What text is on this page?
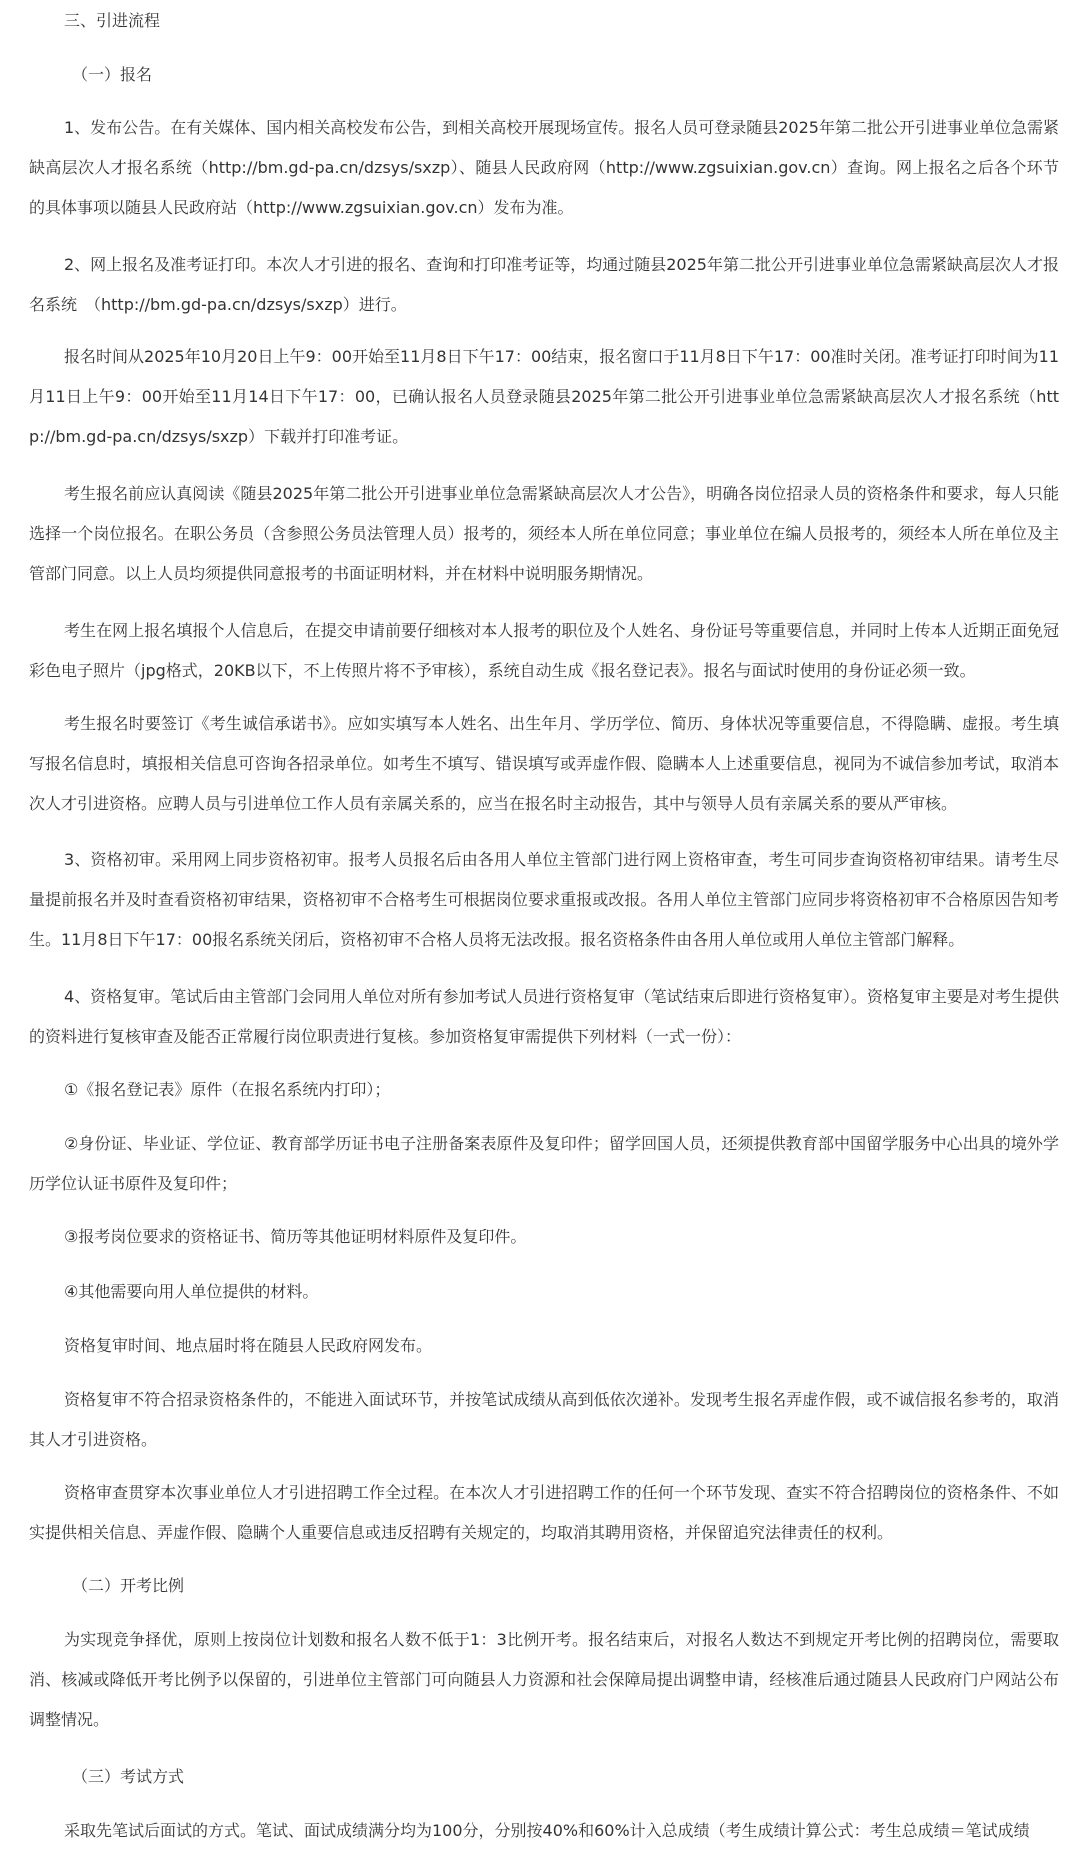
三、引进流程

（一）报名

1、发布公告。在有关媒体、国内相关高校发布公告，到相关高校开展现场宣传。报名人员可登录随县2025年第二批公开引进事业单位急需紧缺高层次人才报名系统（http://bm.gd-pa.cn/dzsys/sxzp）、随县人民政府网（http://www.zgsuixian.gov.cn）查询。网上报名之后各个环节的具体事项以随县人民政府站（http://www.zgsuixian.gov.cn）发布为准。

2、网上报名及准考证打印。本次人才引进的报名、查询和打印准考证等，均通过随县2025年第二批公开引进事业单位急需紧缺高层次人才报名系统　（http://bm.gd-pa.cn/dzsys/sxzp）进行。

报名时间从2025年10月20日上午9：00开始至11月8日下午17：00结束，报名窗口于11月8日下午17：00准时关闭。准考证打印时间为11月11日上午9：00开始至11月14日下午17：00，已确认报名人员登录随县2025年第二批公开引进事业单位急需紧缺高层次人才报名系统（http://bm.gd-pa.cn/dzsys/sxzp）下载并打印准考证。

考生报名前应认真阅读《随县2025年第二批公开引进事业单位急需紧缺高层次人才公告》，明确各岗位招录人员的资格条件和要求，每人只能选择一个岗位报名。在职公务员（含参照公务员法管理人员）报考的，须经本人所在单位同意；事业单位在编人员报考的，须经本人所在单位及主管部门同意。以上人员均须提供同意报考的书面证明材料，并在材料中说明服务期情况。

考生在网上报名填报个人信息后，在提交申请前要仔细核对本人报考的职位及个人姓名、身份证号等重要信息，并同时上传本人近期正面免冠彩色电子照片（jpg格式，20KB以下，不上传照片将不予审核），系统自动生成《报名登记表》。报名与面试时使用的身份证必须一致。

考生报名时要签订《考生诚信承诺书》。应如实填写本人姓名、出生年月、学历学位、简历、身体状况等重要信息，不得隐瞒、虚报。考生填写报名信息时，填报相关信息可咨询各招录单位。如考生不填写、错误填写或弄虚作假、隐瞒本人上述重要信息，视同为不诚信参加考试，取消本次人才引进资格。应聘人员与引进单位工作人员有亲属关系的，应当在报名时主动报告，其中与领导人员有亲属关系的要从严审核。

3、资格初审。采用网上同步资格初审。报考人员报名后由各用人单位主管部门进行网上资格审查，考生可同步查询资格初审结果。请考生尽量提前报名并及时查看资格初审结果，资格初审不合格考生可根据岗位要求重报或改报。各用人单位主管部门应同步将资格初审不合格原因告知考生。11月8日下午17：00报名系统关闭后，资格初审不合格人员将无法改报。报名资格条件由各用人单位或用人单位主管部门解释。

4、资格复审。笔试后由主管部门会同用人单位对所有参加考试人员进行资格复审（笔试结束后即进行资格复审）。资格复审主要是对考生提供的资料进行复核审查及能否正常履行岗位职责进行复核。参加资格复审需提供下列材料（一式一份）：

①《报名登记表》原件（在报名系统内打印）；

②身份证、毕业证、学位证、教育部学历证书电子注册备案表原件及复印件；留学回国人员，还须提供教育部中国留学服务中心出具的境外学历学位认证书原件及复印件；

③报考岗位要求的资格证书、简历等其他证明材料原件及复印件。

④其他需要向用人单位提供的材料。

资格复审时间、地点届时将在随县人民政府网发布。

资格复审不符合招录资格条件的，不能进入面试环节，并按笔试成绩从高到低依次递补。发现考生报名弄虚作假，或不诚信报名参考的，取消其人才引进资格。

资格审查贯穿本次事业单位人才引进招聘工作全过程。在本次人才引进招聘工作的任何一个环节发现、查实不符合招聘岗位的资格条件、不如实提供相关信息、弄虚作假、隐瞒个人重要信息或违反招聘有关规定的，均取消其聘用资格，并保留追究法律责任的权利。

（二）开考比例

为实现竞争择优，原则上按岗位计划数和报名人数不低于1：3比例开考。报名结束后，对报名人数达不到规定开考比例的招聘岗位，需要取消、核减或降低开考比例予以保留的，引进单位主管部门可向随县人力资源和社会保障局提出调整申请，经核准后通过随县人民政府门户网站公布调整情况。

（三）考试方式

采取先笔试后面试的方式。笔试、面试成绩满分均为100分，分别按40%和60%计入总成绩（考生成绩计算公式：考生总成绩＝笔试成绩
